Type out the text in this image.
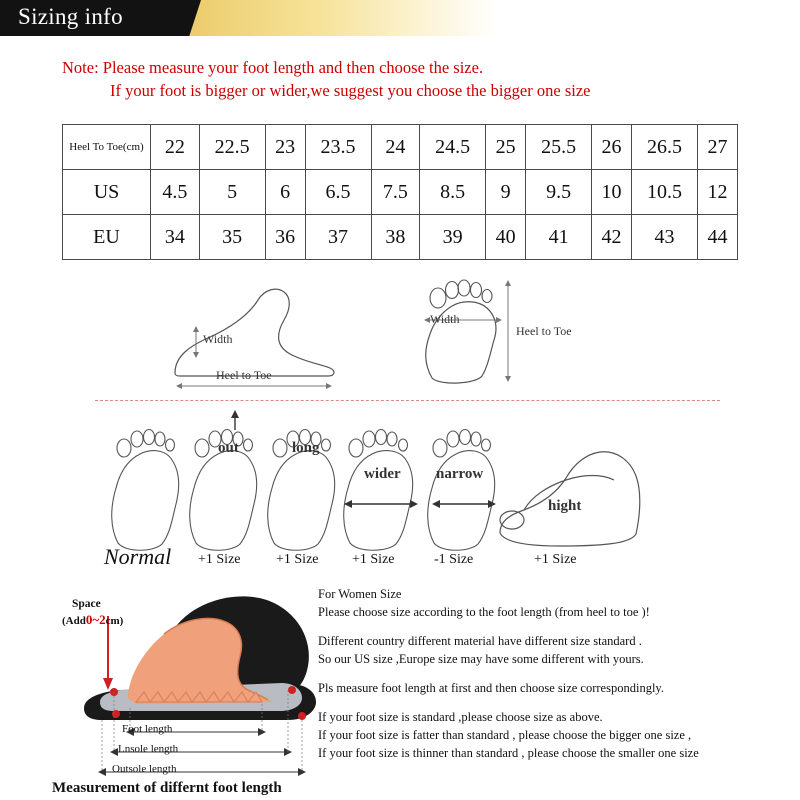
Sizing info
Note: Please measure your foot length and then choose the size.
If your foot is bigger or wider,we suggest you choose the bigger one size
Heel To Toe(cm)	22	22.5	23	23.5	24	24.5	25	25.5	26	26.5	27
US	4.5	5	6	6.5	7.5	8.5	9	9.5	10	10.5	12
EU	34	35	36	37	38	39	40	41	42	43	44
Width
Heel to Toe
Width
Heel to Toe
out	long
wider narrow
hight
Normal +1 Size	+1 Size +1 Size	-1 Size	+1 Size
Space
(Add0~2cm)
Foot length
Lnsole length
Outsole length

For Women Size

Please choose size according to the foot length (from heel to toe )!

Different country different material have different size standard .

So our US size ,Europe size may have some different with yours.

Pls measure foot length at first and then choose size correspondingly.

If your foot size is standard ,please choose size as above.

If your foot size is fatter than standard , please choose the bigger one size ,

If your foot size is thinner than standard , please choose the smaller one size

Measurement of differnt foot length
